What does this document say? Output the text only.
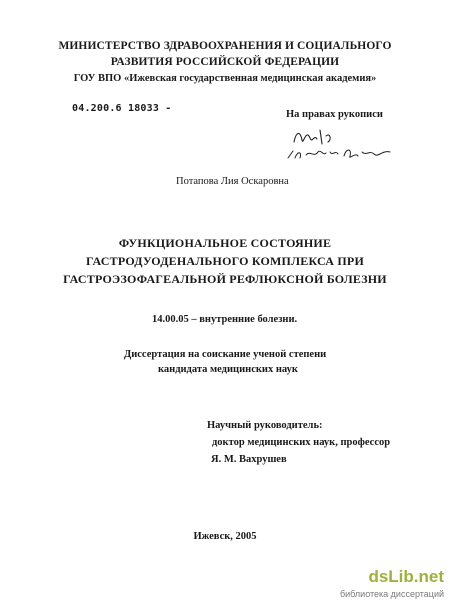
МИНИСТЕРСТВО ЗДРАВООХРАНЕНИЯ И СОЦИАЛЬНОГО
РАЗВИТИЯ РОССИЙСКОЙ ФЕДЕРАЦИИ
ГОУ ВПО «Ижевская государственная медицинская академия»
04.200.6 18033 -
На правах рукописи
Потапова Лия Оскаровна
ФУНКЦИОНАЛЬНОЕ СОСТОЯНИЕ
ГАСТРОДУОДЕНАЛЬНОГО КОМПЛЕКСА ПРИ
ГАСТРОЭЗОФАГЕАЛЬНОЙ РЕФЛЮКСНОЙ БОЛЕЗНИ
14.00.05 – внутренние болезни.
Диссертация на соискание ученой степени
кандидата медицинских наук
Научный руководитель:
доктор медицинских наук, профессор
Я. М. Вахрушев
Ижевск, 2005
dsLib.net
библиотека диссертаций
